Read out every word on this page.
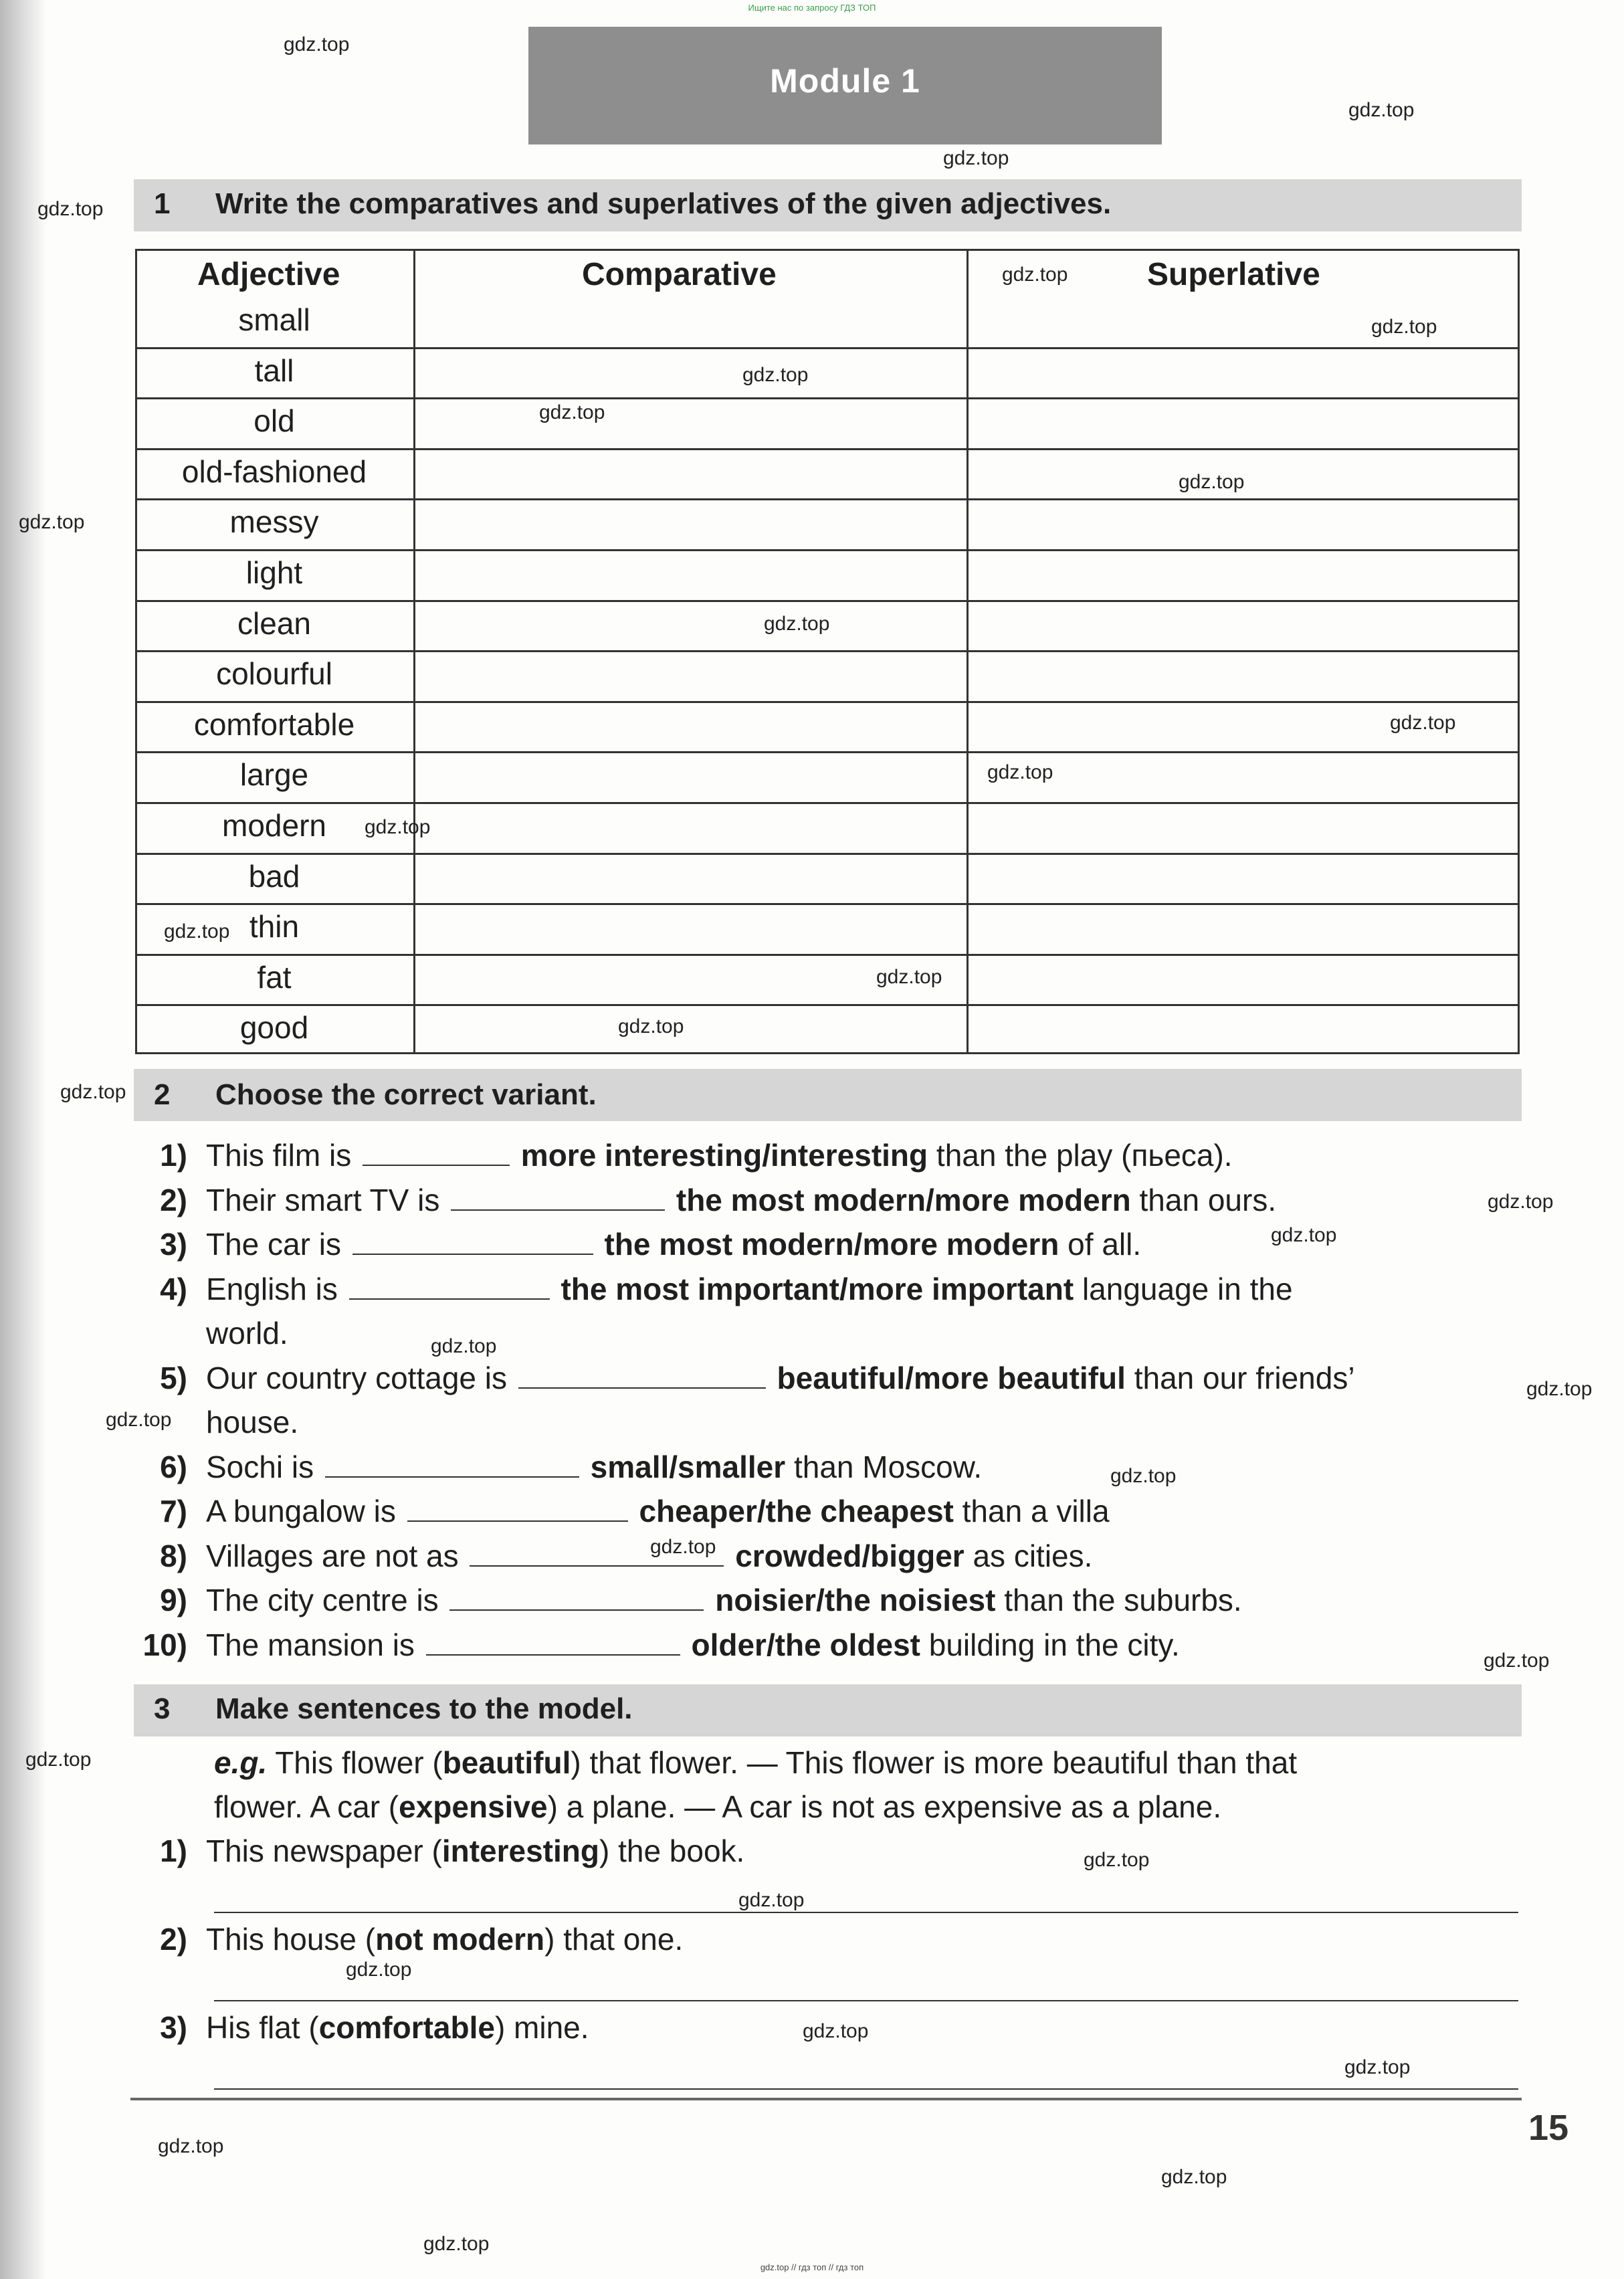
Ищите нас по запросу ГДЗ ТОП
Module 1
1 Write the comparatives and superlatives of the given adjectives.
Adjective	Comparative	Superlative
small
tall
old
old-fashioned
messy
light
clean
colourful
comfortable
large
modern
bad
thin
fat
good
2 Choose the correct variant.
1) This film is	more interesting/interesting than the play (пьеса).
2) Their smart TV is	the most modern/more modern than ours.
3) The car is	the most modern/more modern of all.
4) English is	the most important/more important language in the
world.
5) Our country cottage is	beautiful/more beautiful than our friends’
house.
6) Sochi is	small/smaller than Moscow.
7) A bungalow is	cheaper/the cheapest than a villa
8) Villages are not as	crowded/bigger as cities.
9) The city centre is	noisier/the noisiest than the suburbs.
10) The mansion is	older/the oldest building in the city.
3 Make sentences to the model.
e.g. This flower (beautiful) that flower. — This flower is more beautiful than that
flower. A car (expensive) a plane. — A car is not as expensive as a plane.
1) This newspaper (interesting) the book.
2) This house (not modern) that one.
3) His flat (comfortable) mine.
15
gdz.top
gdz.top
gdz.top
gdz.top
gdz.top
gdz.top
gdz.top
gdz.top
gdz.top
gdz.top
gdz.top
gdz.top
gdz.top
gdz.top
gdz.top
gdz.top
gdz.top
gdz.top
gdz.top
gdz.top
gdz.top
gdz.top
gdz.top
gdz.top
gdz.top
gdz.top
gdz.top
gdz.top
gdz.top
gdz.top
gdz.top
gdz.top
gdz.top
gdz.top
gdz.top
gdz.top // гдз топ // гдз топ
